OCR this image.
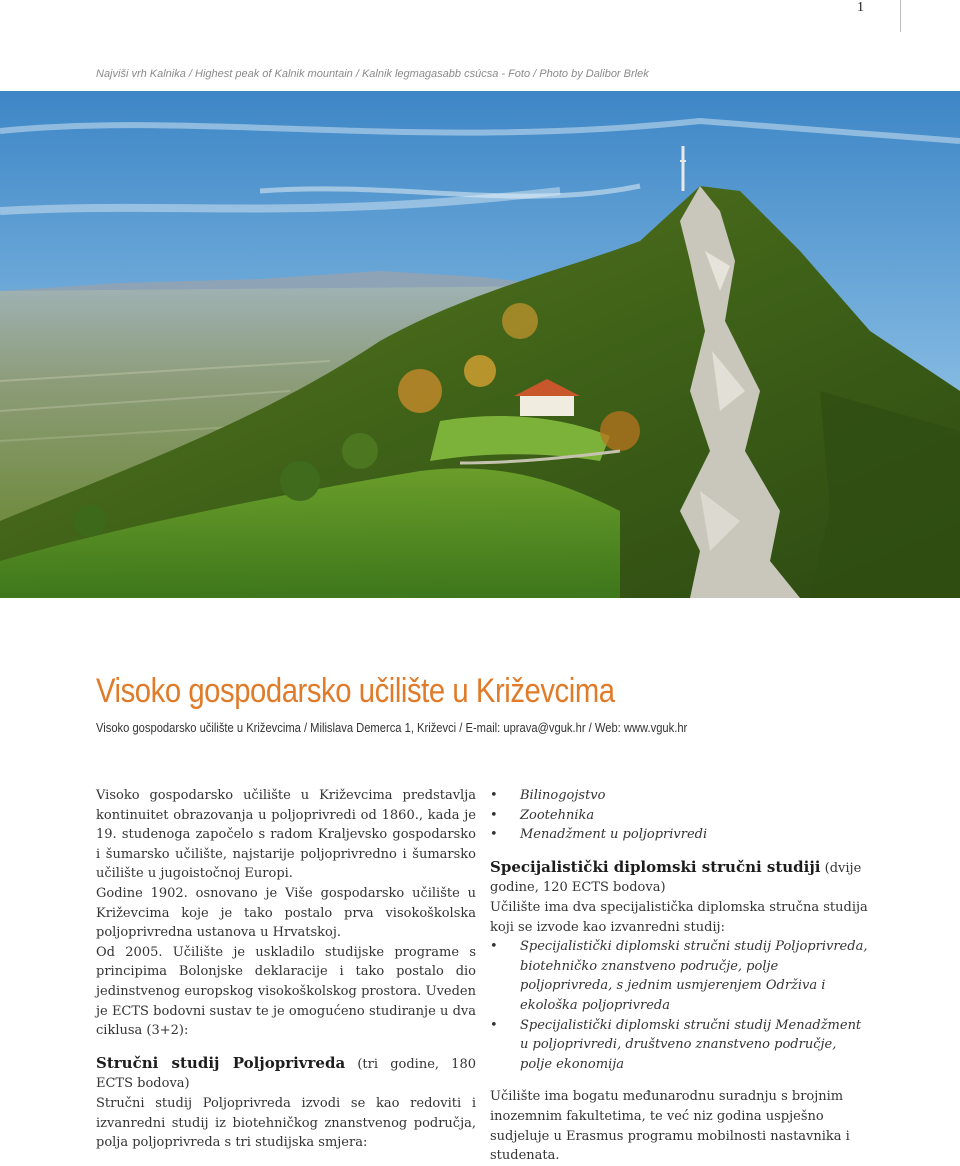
1
Najviši vrh Kalnika / Highest peak of Kalnik mountain / Kalnik legmagasabb csúcsa - Foto / Photo by Dalibor Brlek
Visoko gospodarsko učilište u Križevcima
Visoko gospodarsko učilište u Križevcima / Milislava Demerca 1, Križevci / E-mail: uprava@vguk.hr / Web: www.vguk.hr

Visoko gospodarsko učilište u Križevcima predstavlja kontinuitet obrazovanja u poljoprivredi od 1860., kada je 19. studenoga započelo s radom Kraljevsko gospodarsko i šumarsko učilište, najstarije poljoprivredno i šumarsko učilište u jugoistočnoj Europi.

Godine 1902. osnovano je Više gospodarsko učilište u Križevcima koje je tako postalo prva visokoškolska poljoprivredna ustanova u Hrvatskoj.

Od 2005. Učilište je uskladilo studijske programe s principima Bolonjske deklaracije i tako postalo dio jedinstvenog europskog visokoškolskog prostora. Uveden je ECTS bodovni sustav te je omogućeno studiranje u dva ciklusa (3+2):

Stručni studij Poljoprivreda (tri godine, 180 ECTS bodova)

Stručni studij Poljoprivreda izvodi se kao redoviti i izvanredni studij iz biotehničkog znanstvenog područja, polja poljoprivreda s tri studijska smjera:

• Bilinogojstvo
• Zootehnika
• Menadžment u poljoprivredi

Specijalistički diplomski stručni studiji (dvije godine, 120 ECTS bodova)

Učilište ima dva specijalistička diplomska stručna studija koji se izvode kao izvanredni studij:

• Specijalistički diplomski stručni studij Poljoprivreda, biotehničko znanstveno područje, polje poljoprivreda, s jednim usmjerenjem Održiva i ekološka poljoprivreda
• Specijalistički diplomski stručni studij Menadžment u poljoprivredi, društveno znanstveno područje, polje ekonomija

Učilište ima bogatu međunarodnu suradnju s brojnim inozemnim fakultetima, te već niz godina uspješno sudjeluje u Erasmus programu mobilnosti nastavnika i studenata.
